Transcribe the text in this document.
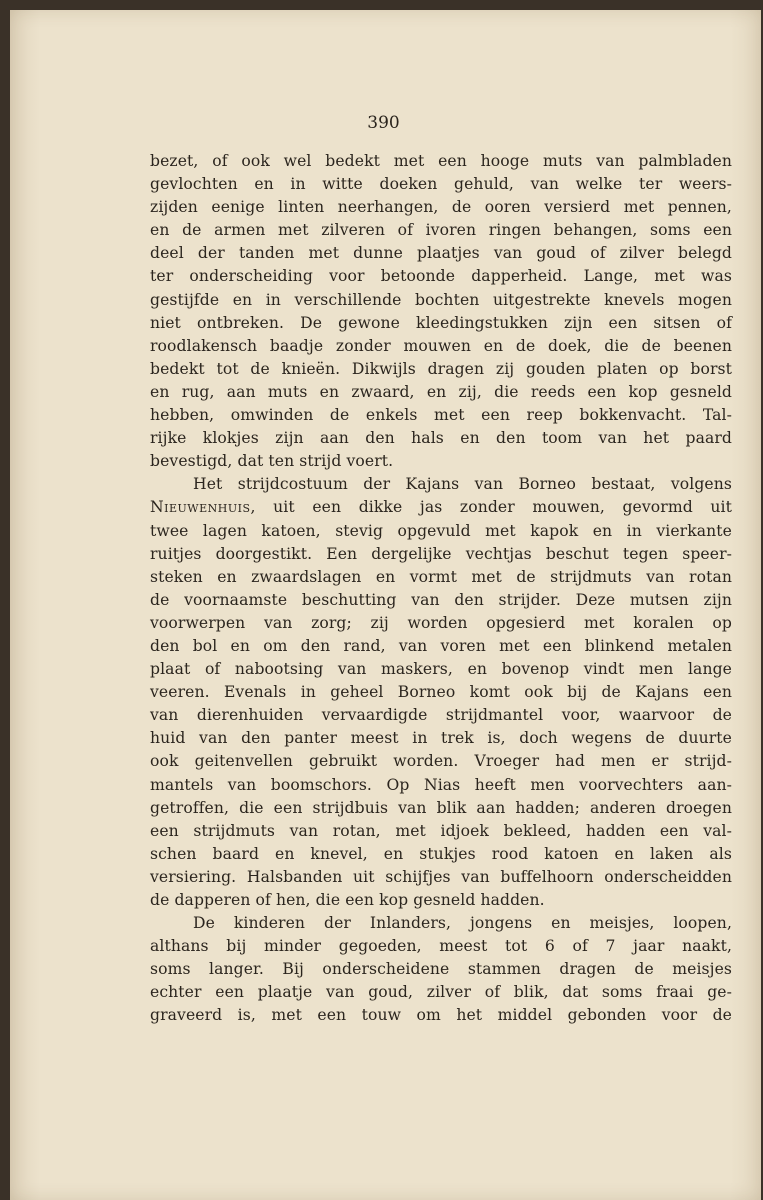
390
bezet, of ook wel bedekt met een hooge muts van palmbladen
gevlochten en in witte doeken gehuld, van welke ter weers-
zijden eenige linten neerhangen, de ooren versierd met pennen,
en de armen met zilveren of ivoren ringen behangen, soms een
deel der tanden met dunne plaatjes van goud of zilver belegd
ter onderscheiding voor betoonde dapperheid. Lange, met was
gestijfde en in verschillende bochten uitgestrekte knevels mogen
niet ontbreken. De gewone kleedingstukken zijn een sitsen of
roodlakensch baadje zonder mouwen en de doek, die de beenen
bedekt tot de knieën. Dikwijls dragen zij gouden platen op borst
en rug, aan muts en zwaard, en zij, die reeds een kop gesneld
hebben, omwinden de enkels met een reep bokkenvacht. Tal-
rijke klokjes zijn aan den hals en den toom van het paard
bevestigd, dat ten strijd voert.
Het strijdcostuum der Kajans van Borneo bestaat, volgens
Nieuwenhuis, uit een dikke jas zonder mouwen, gevormd uit
twee lagen katoen, stevig opgevuld met kapok en in vierkante
ruitjes doorgestikt. Een dergelijke vechtjas beschut tegen speer-
steken en zwaardslagen en vormt met de strijdmuts van rotan
de voornaamste beschutting van den strijder. Deze mutsen zijn
voorwerpen van zorg; zij worden opgesierd met koralen op
den bol en om den rand, van voren met een blinkend metalen
plaat of nabootsing van maskers, en bovenop vindt men lange
veeren. Evenals in geheel Borneo komt ook bij de Kajans een
van dierenhuiden vervaardigde strijdmantel voor, waarvoor de
huid van den panter meest in trek is, doch wegens de duurte
ook geitenvellen gebruikt worden. Vroeger had men er strijd-
mantels van boomschors. Op Nias heeft men voorvechters aan-
getroffen, die een strijdbuis van blik aan hadden; anderen droegen
een strijdmuts van rotan, met idjoek bekleed, hadden een val-
schen baard en knevel, en stukjes rood katoen en laken als
versiering. Halsbanden uit schijfjes van buffelhoorn onderscheidden
de dapperen of hen, die een kop gesneld hadden.
De kinderen der Inlanders, jongens en meisjes, loopen,
althans bij minder gegoeden, meest tot 6 of 7 jaar naakt,
soms langer. Bij onderscheidene stammen dragen de meisjes
echter een plaatje van goud, zilver of blik, dat soms fraai ge-
graveerd is, met een touw om het middel gebonden voor de
